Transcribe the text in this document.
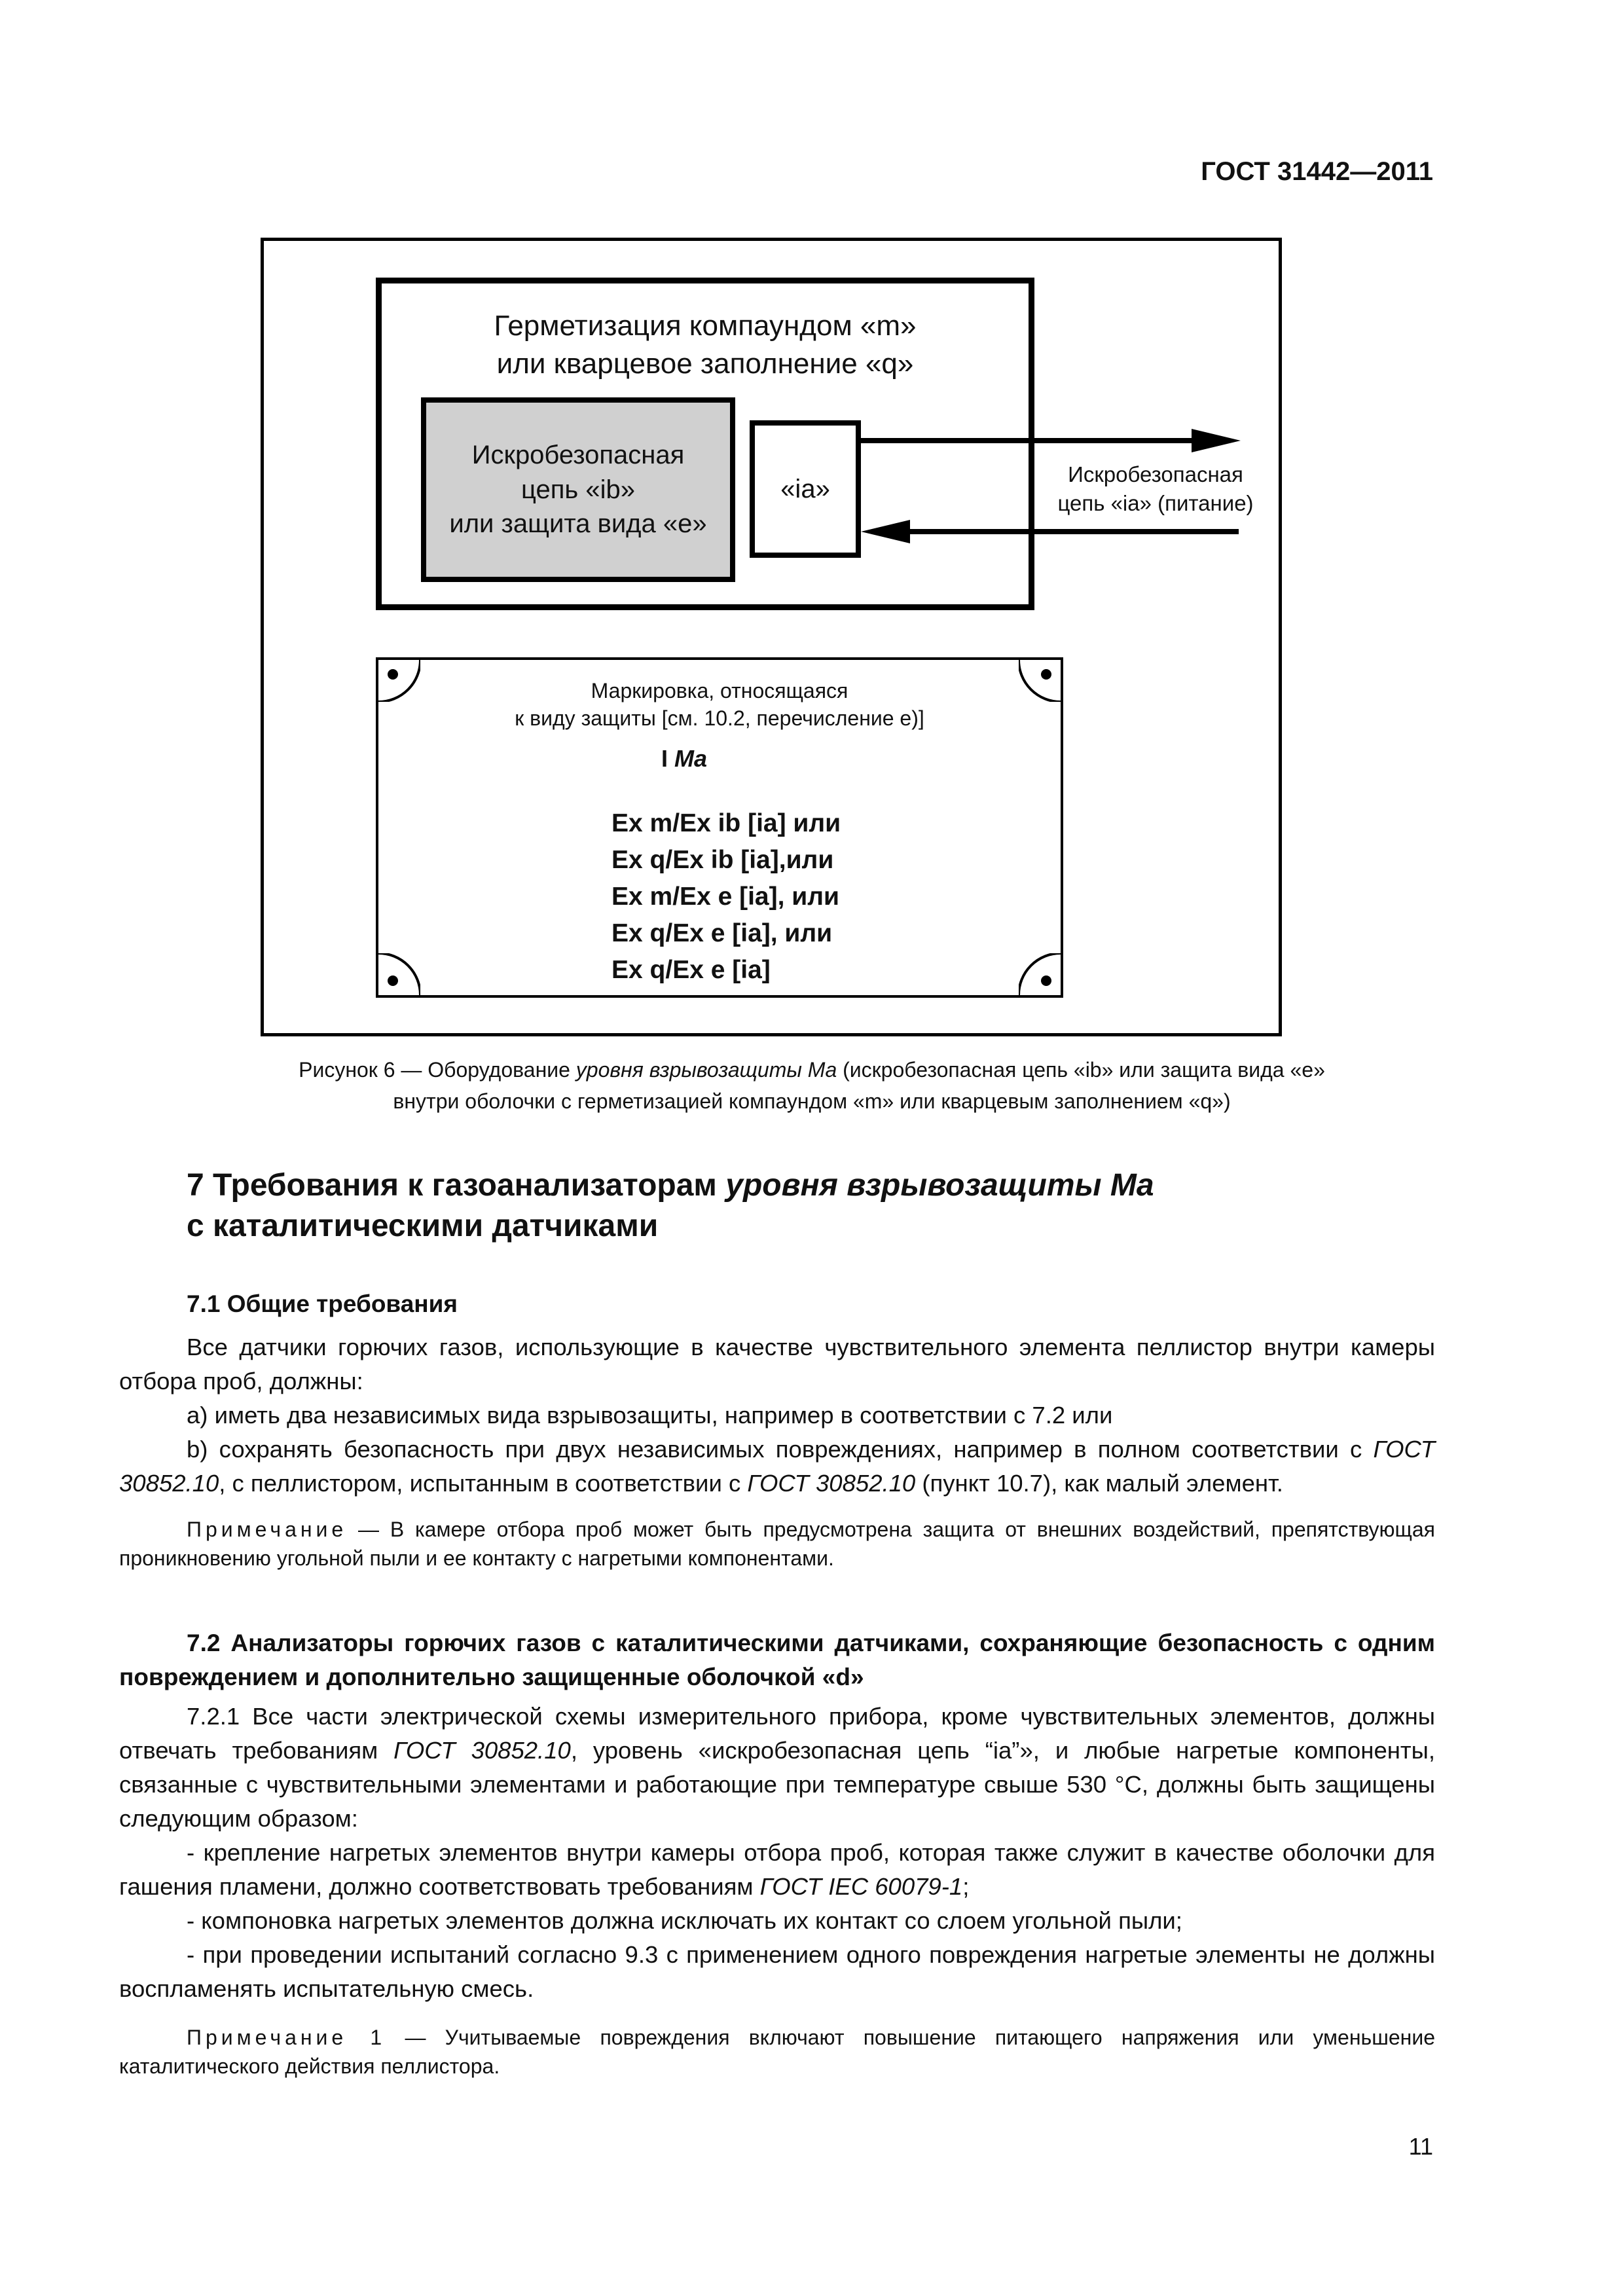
ГОСТ 31442—2011
Герметизация компаундом «m»
или кварцевое заполнение «q»
Искробезопасная
цепь «ib»
или защита вида «e»
«ia»	Искробезопасная
цепь «ia» (питание)
Маркировка, относящаяся
к виду защиты [см. 10.2, перечисление e)]
I Ma
Ex m/Ex ib [ia] или
Ex q/Ex ib [ia],или
Ex m/Ex e [ia], или
Ex q/Ex e [ia], или
Ex q/Ex e [ia]
Рисунок 6 — Оборудование уровня взрывозащиты Ma (искробезопасная цепь «ib» или защита вида «e»
внутри оболочки с герметизацией компаундом «m» или кварцевым заполнением «q»)
7 Требования к газоанализаторам уровня взрывозащиты Ma
с каталитическими датчиками

7.1 Общие требования

Все датчики горючих газов, использующие в качестве чувствительного элемента пеллистор внутри камеры отбора проб, должны:

а) иметь два независимых вида взрывозащиты, например в соответствии с 7.2 или

b) сохранять безопасность при двух независимых повреждениях, например в полном соответствии с ГОСТ 30852.10, с пеллистором, испытанным в соответствии с ГОСТ 30852.10 (пункт 10.7), как малый элемент.

Примечание — В камере отбора проб может быть предусмотрена защита от внешних воздействий, препятствующая проникновению угольной пыли и ее контакту с нагретыми компонентами.

7.2 Анализаторы горючих газов с каталитическими датчиками, сохраняющие безопасность с одним повреждением и дополнительно защищенные оболочкой «d»

7.2.1 Все части электрической схемы измерительного прибора, кроме чувствительных элементов, должны отвечать требованиям ГОСТ 30852.10, уровень «искробезопасная цепь “ia”», и любые нагретые компоненты, связанные с чувствительными элементами и работающие при температуре свыше 530 °С, должны быть защищены следующим образом:

- крепление нагретых элементов внутри камеры отбора проб, которая также служит в качестве оболочки для гашения пламени, должно соответствовать требованиям ГОСТ IEC 60079-1;

- компоновка нагретых элементов должна исключать их контакт со слоем угольной пыли;

- при проведении испытаний согласно 9.3 с применением одного повреждения нагретые элементы не должны воспламенять испытательную смесь.

Примечание 1 — Учитываемые повреждения включают повышение питающего напряжения или уменьшение каталитического действия пеллистора.

11
